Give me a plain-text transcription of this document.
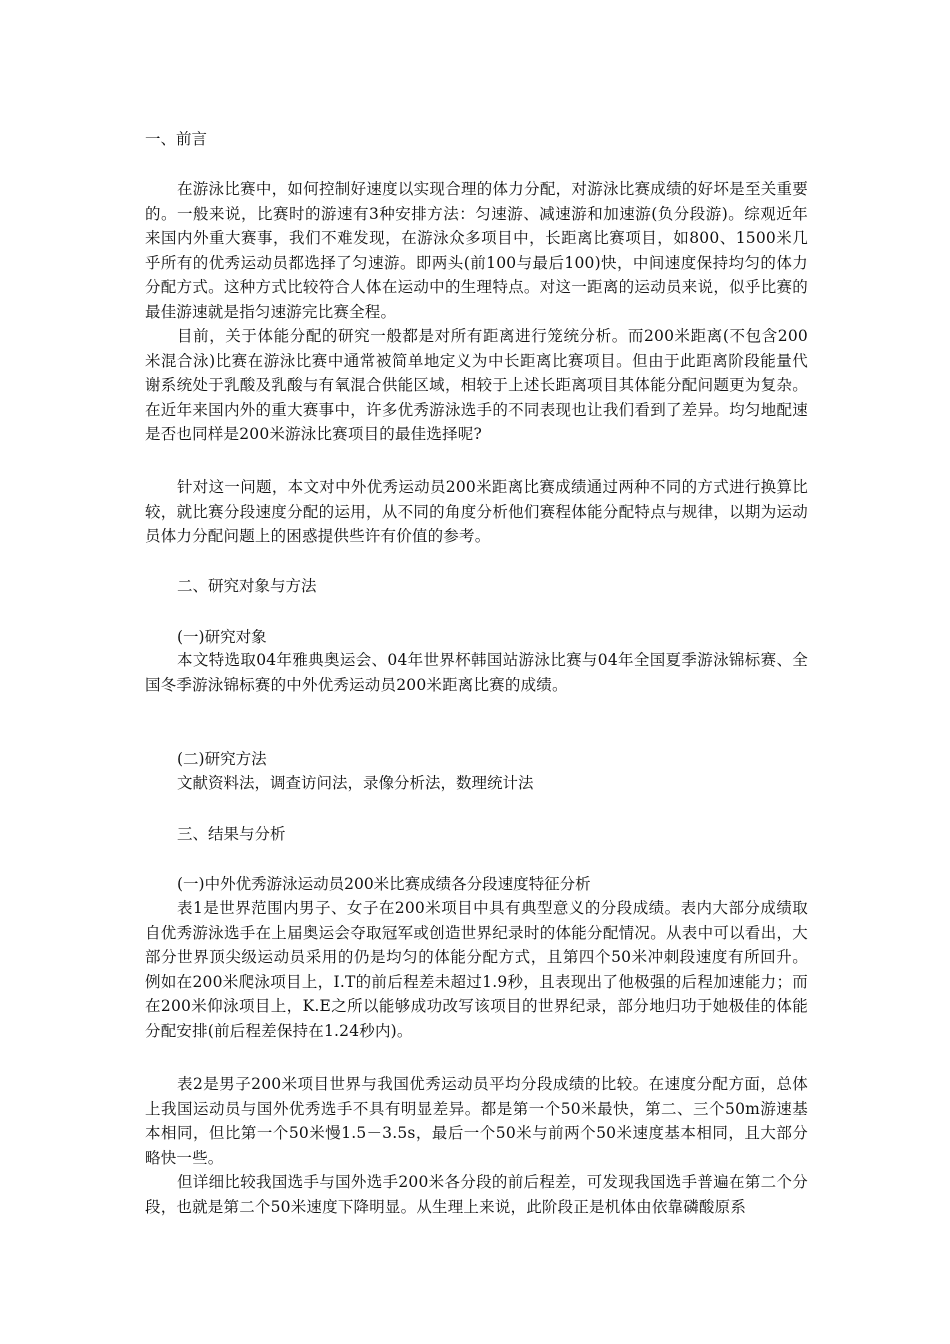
一、前言
在游泳比赛中，如何控制好速度以实现合理的体力分配，对游泳比赛成绩的好坏是至关重要的。一般来说，比赛时的游速有3种安排方法：匀速游、减速游和加速游(负分段游)。综观近年来国内外重大赛事，我们不难发现，在游泳众多项目中，长距离比赛项目，如800、1500米几乎所有的优秀运动员都选择了匀速游。即两头(前100与最后100)快，中间速度保持均匀的体力分配方式。这种方式比较符合人体在运动中的生理特点。对这一距离的运动员来说，似乎比赛的最佳游速就是指匀速游完比赛全程。
目前，关于体能分配的研究一般都是对所有距离进行笼统分析。而200米距离(不包含200米混合泳)比赛在游泳比赛中通常被简单地定义为中长距离比赛项目。但由于此距离阶段能量代谢系统处于乳酸及乳酸与有氧混合供能区域，相较于上述长距离项目其体能分配问题更为复杂。在近年来国内外的重大赛事中，许多优秀游泳选手的不同表现也让我们看到了差异。均匀地配速是否也同样是200米游泳比赛项目的最佳选择呢?
针对这一问题，本文对中外优秀运动员200米距离比赛成绩通过两种不同的方式进行换算比较，就比赛分段速度分配的运用，从不同的角度分析他们赛程体能分配特点与规律，以期为运动员体力分配问题上的困惑提供些许有价值的参考。
二、研究对象与方法
(一)研究对象
本文特选取04年雅典奥运会、04年世界杯韩国站游泳比赛与04年全国夏季游泳锦标赛、全国冬季游泳锦标赛的中外优秀运动员200米距离比赛的成绩。
(二)研究方法
文献资料法，调查访问法，录像分析法，数理统计法
三、结果与分析
(一)中外优秀游泳运动员200米比赛成绩各分段速度特征分析
表1是世界范围内男子、女子在200米项目中具有典型意义的分段成绩。表内大部分成绩取自优秀游泳选手在上届奥运会夺取冠军或创造世界纪录时的体能分配情况。从表中可以看出，大部分世界顶尖级运动员采用的仍是均匀的体能分配方式，且第四个50米冲刺段速度有所回升。例如在200米爬泳项目上，I.T的前后程差未超过1.9秒，且表现出了他极强的后程加速能力；而在200米仰泳项目上，K.E之所以能够成功改写该项目的世界纪录，部分地归功于她极佳的体能分配安排(前后程差保持在1.24秒内)。
表2是男子200米项目世界与我国优秀运动员平均分段成绩的比较。在速度分配方面，总体上我国运动员与国外优秀选手不具有明显差异。都是第一个50米最快，第二、三个50m游速基本相同，但比第一个50米慢1.5－3.5s，最后一个50米与前两个50米速度基本相同，且大部分略快一些。
但详细比较我国选手与国外选手200米各分段的前后程差，可发现我国选手普遍在第二个分段，也就是第二个50米速度下降明显。从生理上来说，此阶段正是机体由依靠磷酸原系
